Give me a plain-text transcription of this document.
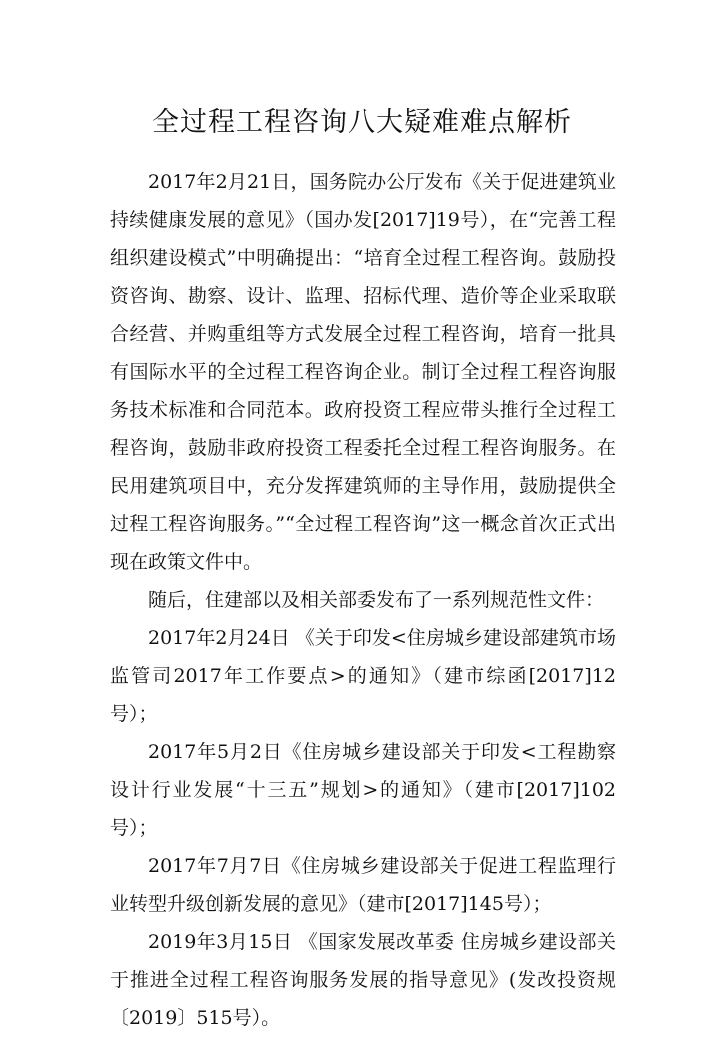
全过程工程咨询八大疑难难点解析

2017年2月21日，国务院办公厅发布《关于促进建筑业持续健康发展的意见》（国办发[2017]19号），在“完善工程组织建设模式”中明确提出：“培育全过程工程咨询。鼓励投资咨询、勘察、设计、监理、招标代理、造价等企业采取联合经营、并购重组等方式发展全过程工程咨询，培育一批具有国际水平的全过程工程咨询企业。制订全过程工程咨询服务技术标准和合同范本。政府投资工程应带头推行全过程工程咨询，鼓励非政府投资工程委托全过程工程咨询服务。在民用建筑项目中，充分发挥建筑师的主导作用，鼓励提供全过程工程咨询服务。”“全过程工程咨询”这一概念首次正式出现在政策文件中。

随后，住建部以及相关部委发布了一系列规范性文件：

2017年2月24日 《关于印发<住房城乡建设部建筑市场监管司2017年工作要点>的通知》（建市综函[2017]12号）；

2017年5月2日《住房城乡建设部关于印发<工程勘察设计行业发展“十三五”规划>的通知》（建市[2017]102号）；

2017年7月7日《住房城乡建设部关于促进工程监理行业转型升级创新发展的意见》（建市[2017]145号）；

2019年3月15日 《国家发展改革委 住房城乡建设部关于推进全过程工程咨询服务发展的指导意见》(发改投资规〔2019〕515号）。
